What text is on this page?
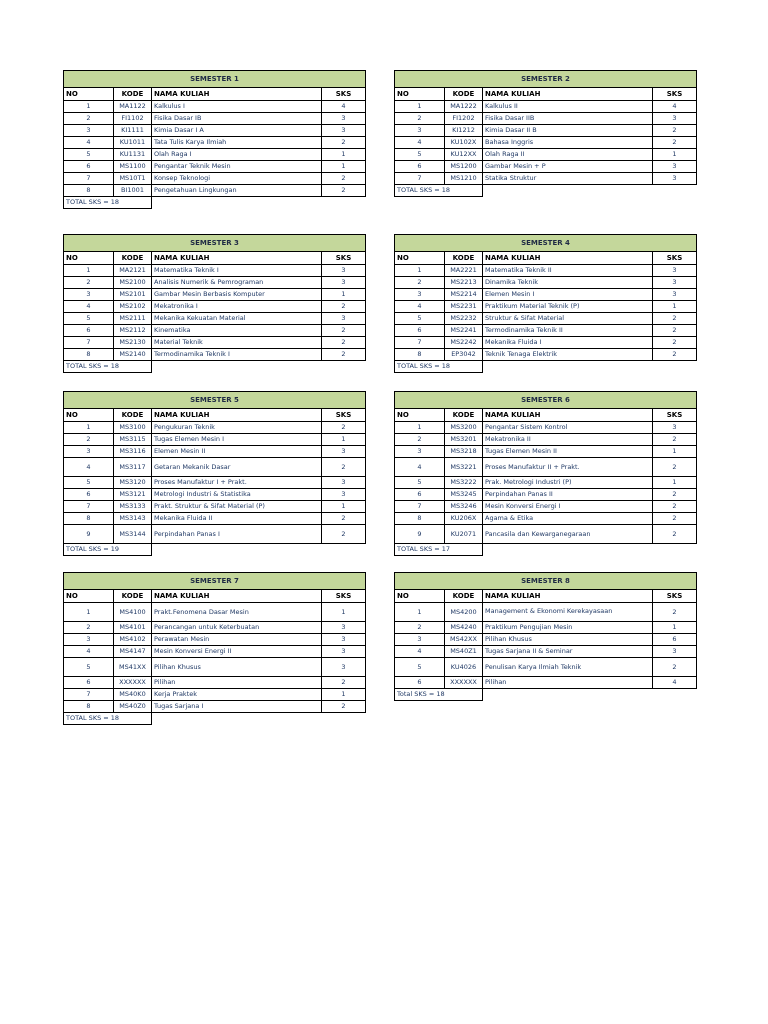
SEMESTER 1			
NO	KODE	NAMA KULIAH	SKS
1	MA1122	Kalkulus I	4
2	FI1102	Fisika Dasar IB	3
3	KI1111	Kimia Dasar I A	3
4	KU1011	Tata Tulis Karya Ilmiah	2
5	KU1131	Olah Raga I	1
6	MS1100	Pengantar Teknik Mesin	1
7	MS10T1	Konsep Teknologi	2
8	BI1001	Pengetahuan Lingkungan	2
TOTAL SKS = 18			
SEMESTER 2			
NO	KODE	NAMA KULIAH	SKS
1	MA1222	Kalkulus II	4
2	FI1202	Fisika Dasar IIB	3
3	KI1212	Kimia Dasar II B	2
4	KU102X	Bahasa Inggris	2
5	KU12XX	Olah Raga II	1
6	MS1200	Gambar Mesin + P	3
7	MS1210	Statika Struktur	3
TOTAL SKS = 18			
SEMESTER 3			
NO	KODE	NAMA KULIAH	SKS
1	MA2121	Matematika Teknik I	3
2	MS2100	Analisis Numerik & Pemrograman	3
3	MS2101	Gambar Mesin Berbasis Komputer	1
4	MS2102	Mekatronika I	2
5	MS2111	Mekanika Kekuatan Material	3
6	MS2112	Kinematika	2
7	MS2130	Material Teknik	2
8	MS2140	Termodinamika Teknik I	2
TOTAL SKS = 18			
SEMESTER 4			
NO	KODE	NAMA KULIAH	SKS
1	MA2221	Matematika Teknik II	3
2	MS2213	Dinamika Teknik	3
3	MS2214	Elemen Mesin I	3
4	MS2231	Praktikum Material Teknik (P)	1
5	MS2232	Struktur & Sifat Material	2
6	MS2241	Termodinamika Teknik II	2
7	MS2242	Mekanika Fluida I	2
8	EP3042	Teknik Tenaga Elektrik	2
TOTAL SKS = 18			
SEMESTER 5			
NO	KODE	NAMA KULIAH	SKS
1	MS3100	Pengukuran Teknik	2
2	MS3115	Tugas Elemen Mesin I	1
3	MS3116	Elemen Mesin II	3
4	MS3117	Getaran Mekanik Dasar	2
5	MS3120	Proses Manufaktur I + Prakt.	3
6	MS3121	Metrologi Industri & Statistika	3
7	MS3133	Prakt. Struktur & Sifat Material (P)	1
8	MS3143	Mekanika Fluida II	2
9	MS3144	Perpindahan Panas I	2
TOTAL SKS = 19			
SEMESTER 6			
NO	KODE	NAMA KULIAH	SKS
1	MS3200	Pengantar Sistem Kontrol	3
2	MS3201	Mekatronika II	2
3	MS3218	Tugas Elemen Mesin II	1
4	MS3221	Proses Manufaktur II + Prakt.	2
5	MS3222	Prak. Metrologi Industri (P)	1
6	MS3245	Perpindahan Panas II	2
7	MS3246	Mesin Konversi Energi I	2
8	KU206X	Agama & Etika	2
9	KU2071	Pancasila dan Kewarganegaraan	2
TOTAL SKS = 17			
SEMESTER 7			
NO	KODE	NAMA KULIAH	SKS
1	MS4100	Prakt.Fenomena Dasar Mesin	1
2	MS4101	Perancangan untuk Keterbuatan	3
3	MS4102	Perawatan Mesin	3
4	MS4147	Mesin Konversi Energi II	3
5	MS41XX	Pilihan Khusus	3
6	XXXXXX	Pilihan	2
7	MS40K0	Kerja Praktek	1
8	MS40Z0	Tugas Sarjana I	2
TOTAL SKS = 18			
SEMESTER 8			
NO	KODE	NAMA KULIAH	SKS
1	MS4200	Management & Ekonomi Kerekayasaan	2
2	MS4240	Praktikum Pengujian Mesin	1
3	MS42XX	Pilihan Khusus	6
4	MS40Z1	Tugas Sarjana II & Seminar	3
5	KU4026	Penulisan Karya Ilmiah Teknik	2
6	XXXXXX	Pilihan	4
Total SKS = 18			
